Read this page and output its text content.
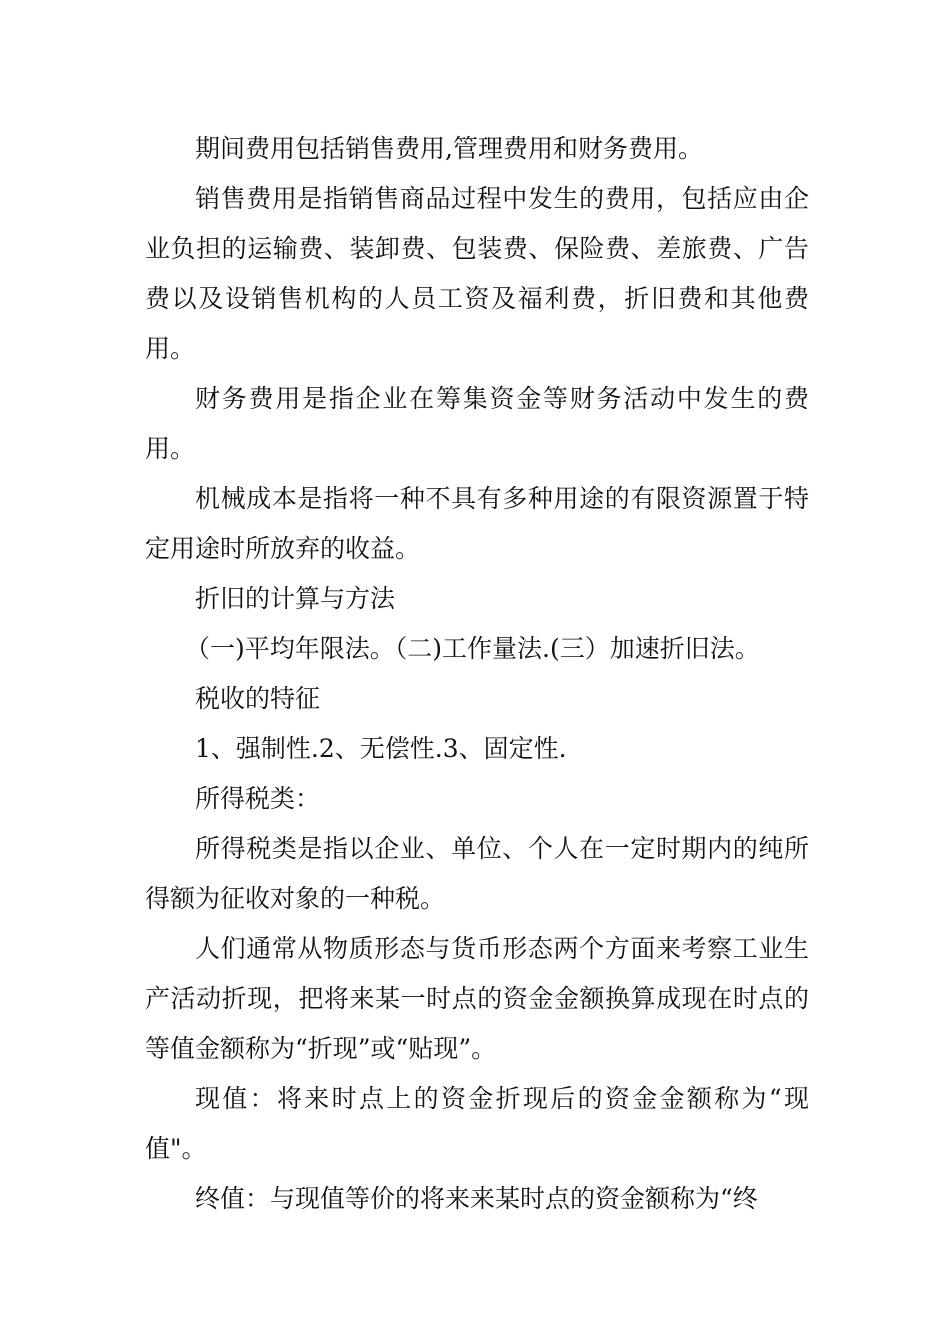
期间费用包括销售费用,管理费用和财务费用。

销售费用是指销售商品过程中发生的费用，包括应由企业负担的运输费、装卸费、包装费、保险费、差旅费、广告费以及设销售机构的人员工资及福利费，折旧费和其他费用。

财务费用是指企业在筹集资金等财务活动中发生的费用。

机械成本是指将一种不具有多种用途的有限资源置于特定用途时所放弃的收益。

折旧的计算与方法

（一)平均年限法。（二)工作量法.(三）加速折旧法。

税收的特征

1、强制性.2、无偿性.3、固定性.

所得税类：

所得税类是指以企业、单位、个人在一定时期内的纯所得额为征收对象的一种税。

人们通常从物质形态与货币形态两个方面来考察工业生产活动折现，把将来某一时点的资金金额换算成现在时点的等值金额称为“折现”或“贴现”。

现值：将来时点上的资金折现后的资金金额称为“现值"。

终值：与现值等价的将来来某时点的资金额称为“终
